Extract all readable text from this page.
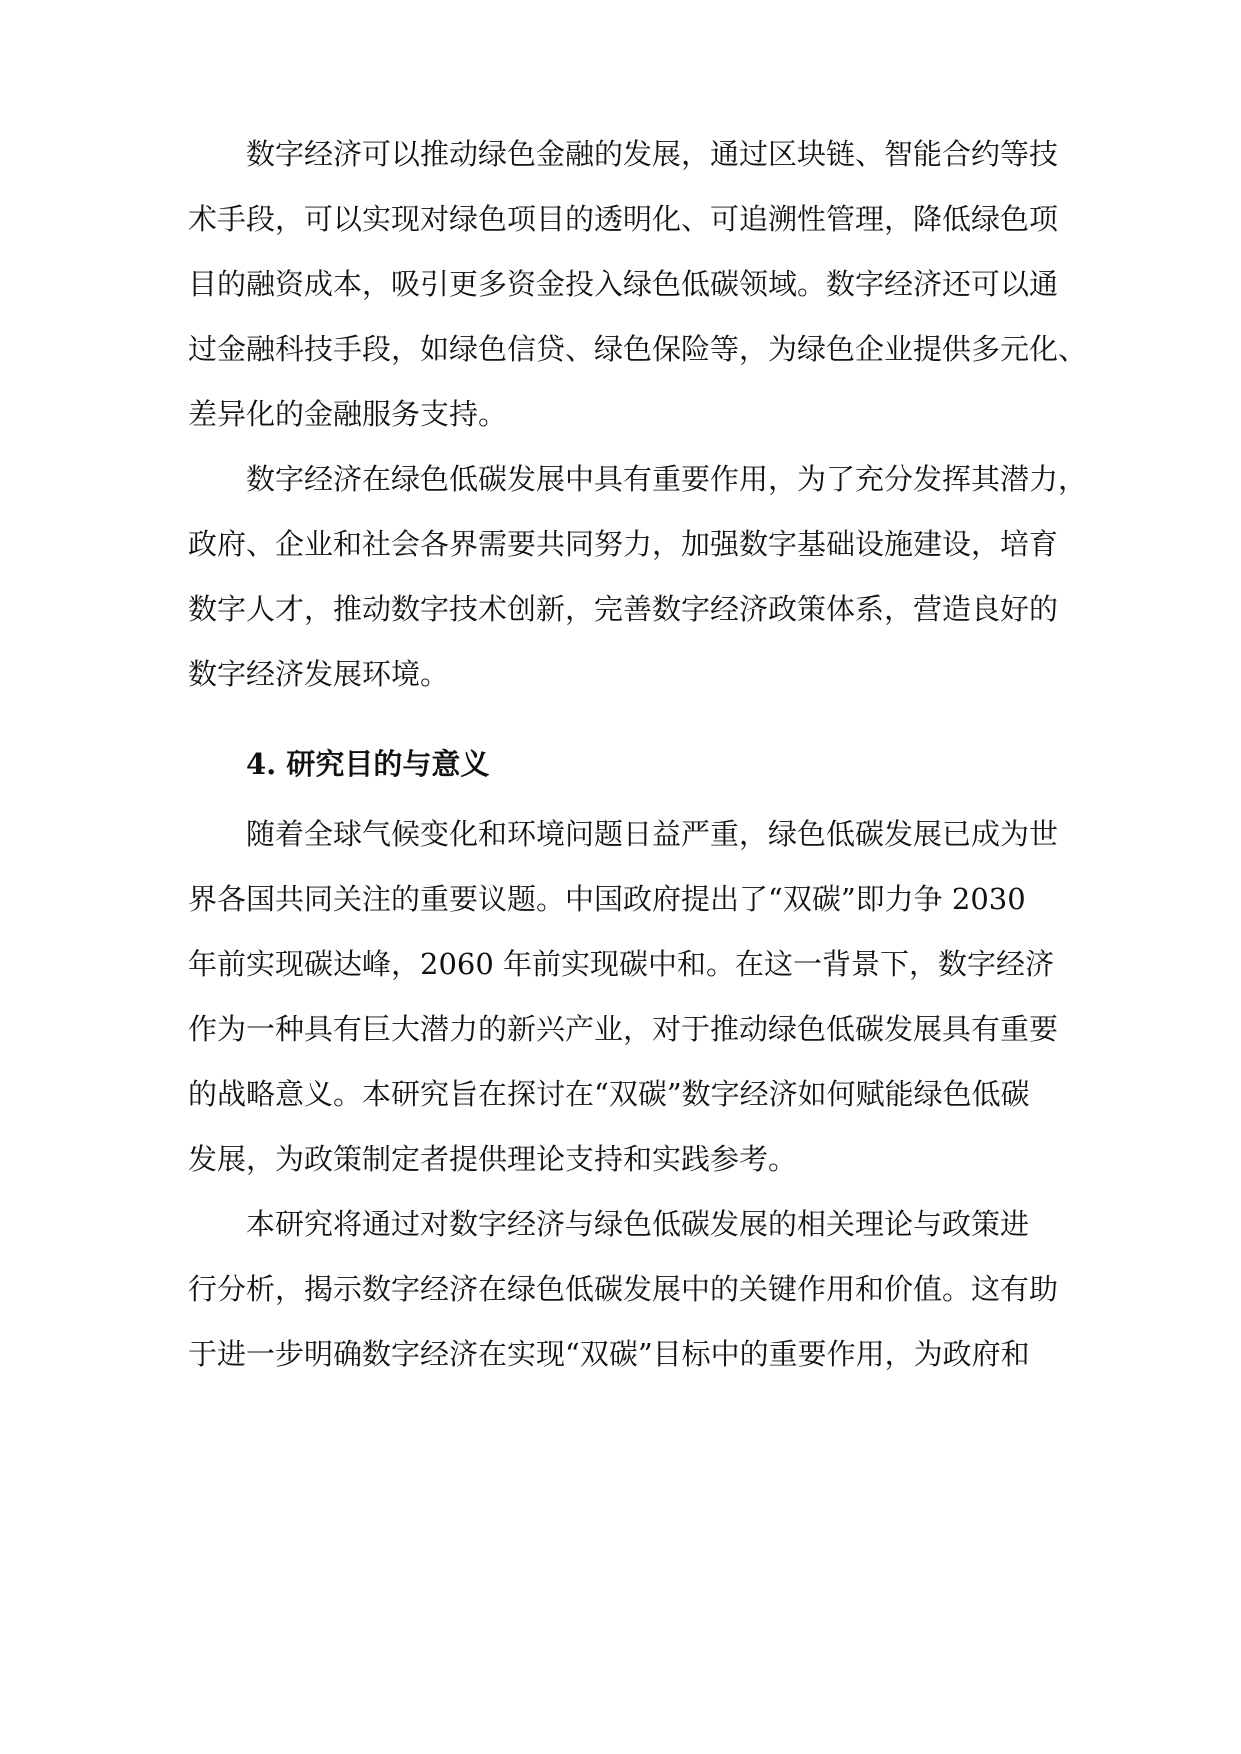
数字经济可以推动绿色金融的发展，通过区块链、智能合约等技
术手段，可以实现对绿色项目的透明化、可追溯性管理，降低绿色项
目的融资成本，吸引更多资金投入绿色低碳领域。数字经济还可以通
过金融科技手段，如绿色信贷、绿色保险等，为绿色企业提供多元化、
差异化的金融服务支持。
数字经济在绿色低碳发展中具有重要作用，为了充分发挥其潜力，
政府、企业和社会各界需要共同努力，加强数字基础设施建设，培育
数字人才，推动数字技术创新，完善数字经济政策体系，营造良好的
数字经济发展环境。
4. 研究目的与意义
随着全球气候变化和环境问题日益严重，绿色低碳发展已成为世
界各国共同关注的重要议题。中国政府提出了“双碳”即力争 2030
年前实现碳达峰，2060 年前实现碳中和。在这一背景下，数字经济
作为一种具有巨大潜力的新兴产业，对于推动绿色低碳发展具有重要
的战略意义。本研究旨在探讨在“双碳”数字经济如何赋能绿色低碳
发展，为政策制定者提供理论支持和实践参考。
本研究将通过对数字经济与绿色低碳发展的相关理论与政策进
行分析，揭示数字经济在绿色低碳发展中的关键作用和价值。这有助
于进一步明确数字经济在实现“双碳”目标中的重要作用，为政府和
